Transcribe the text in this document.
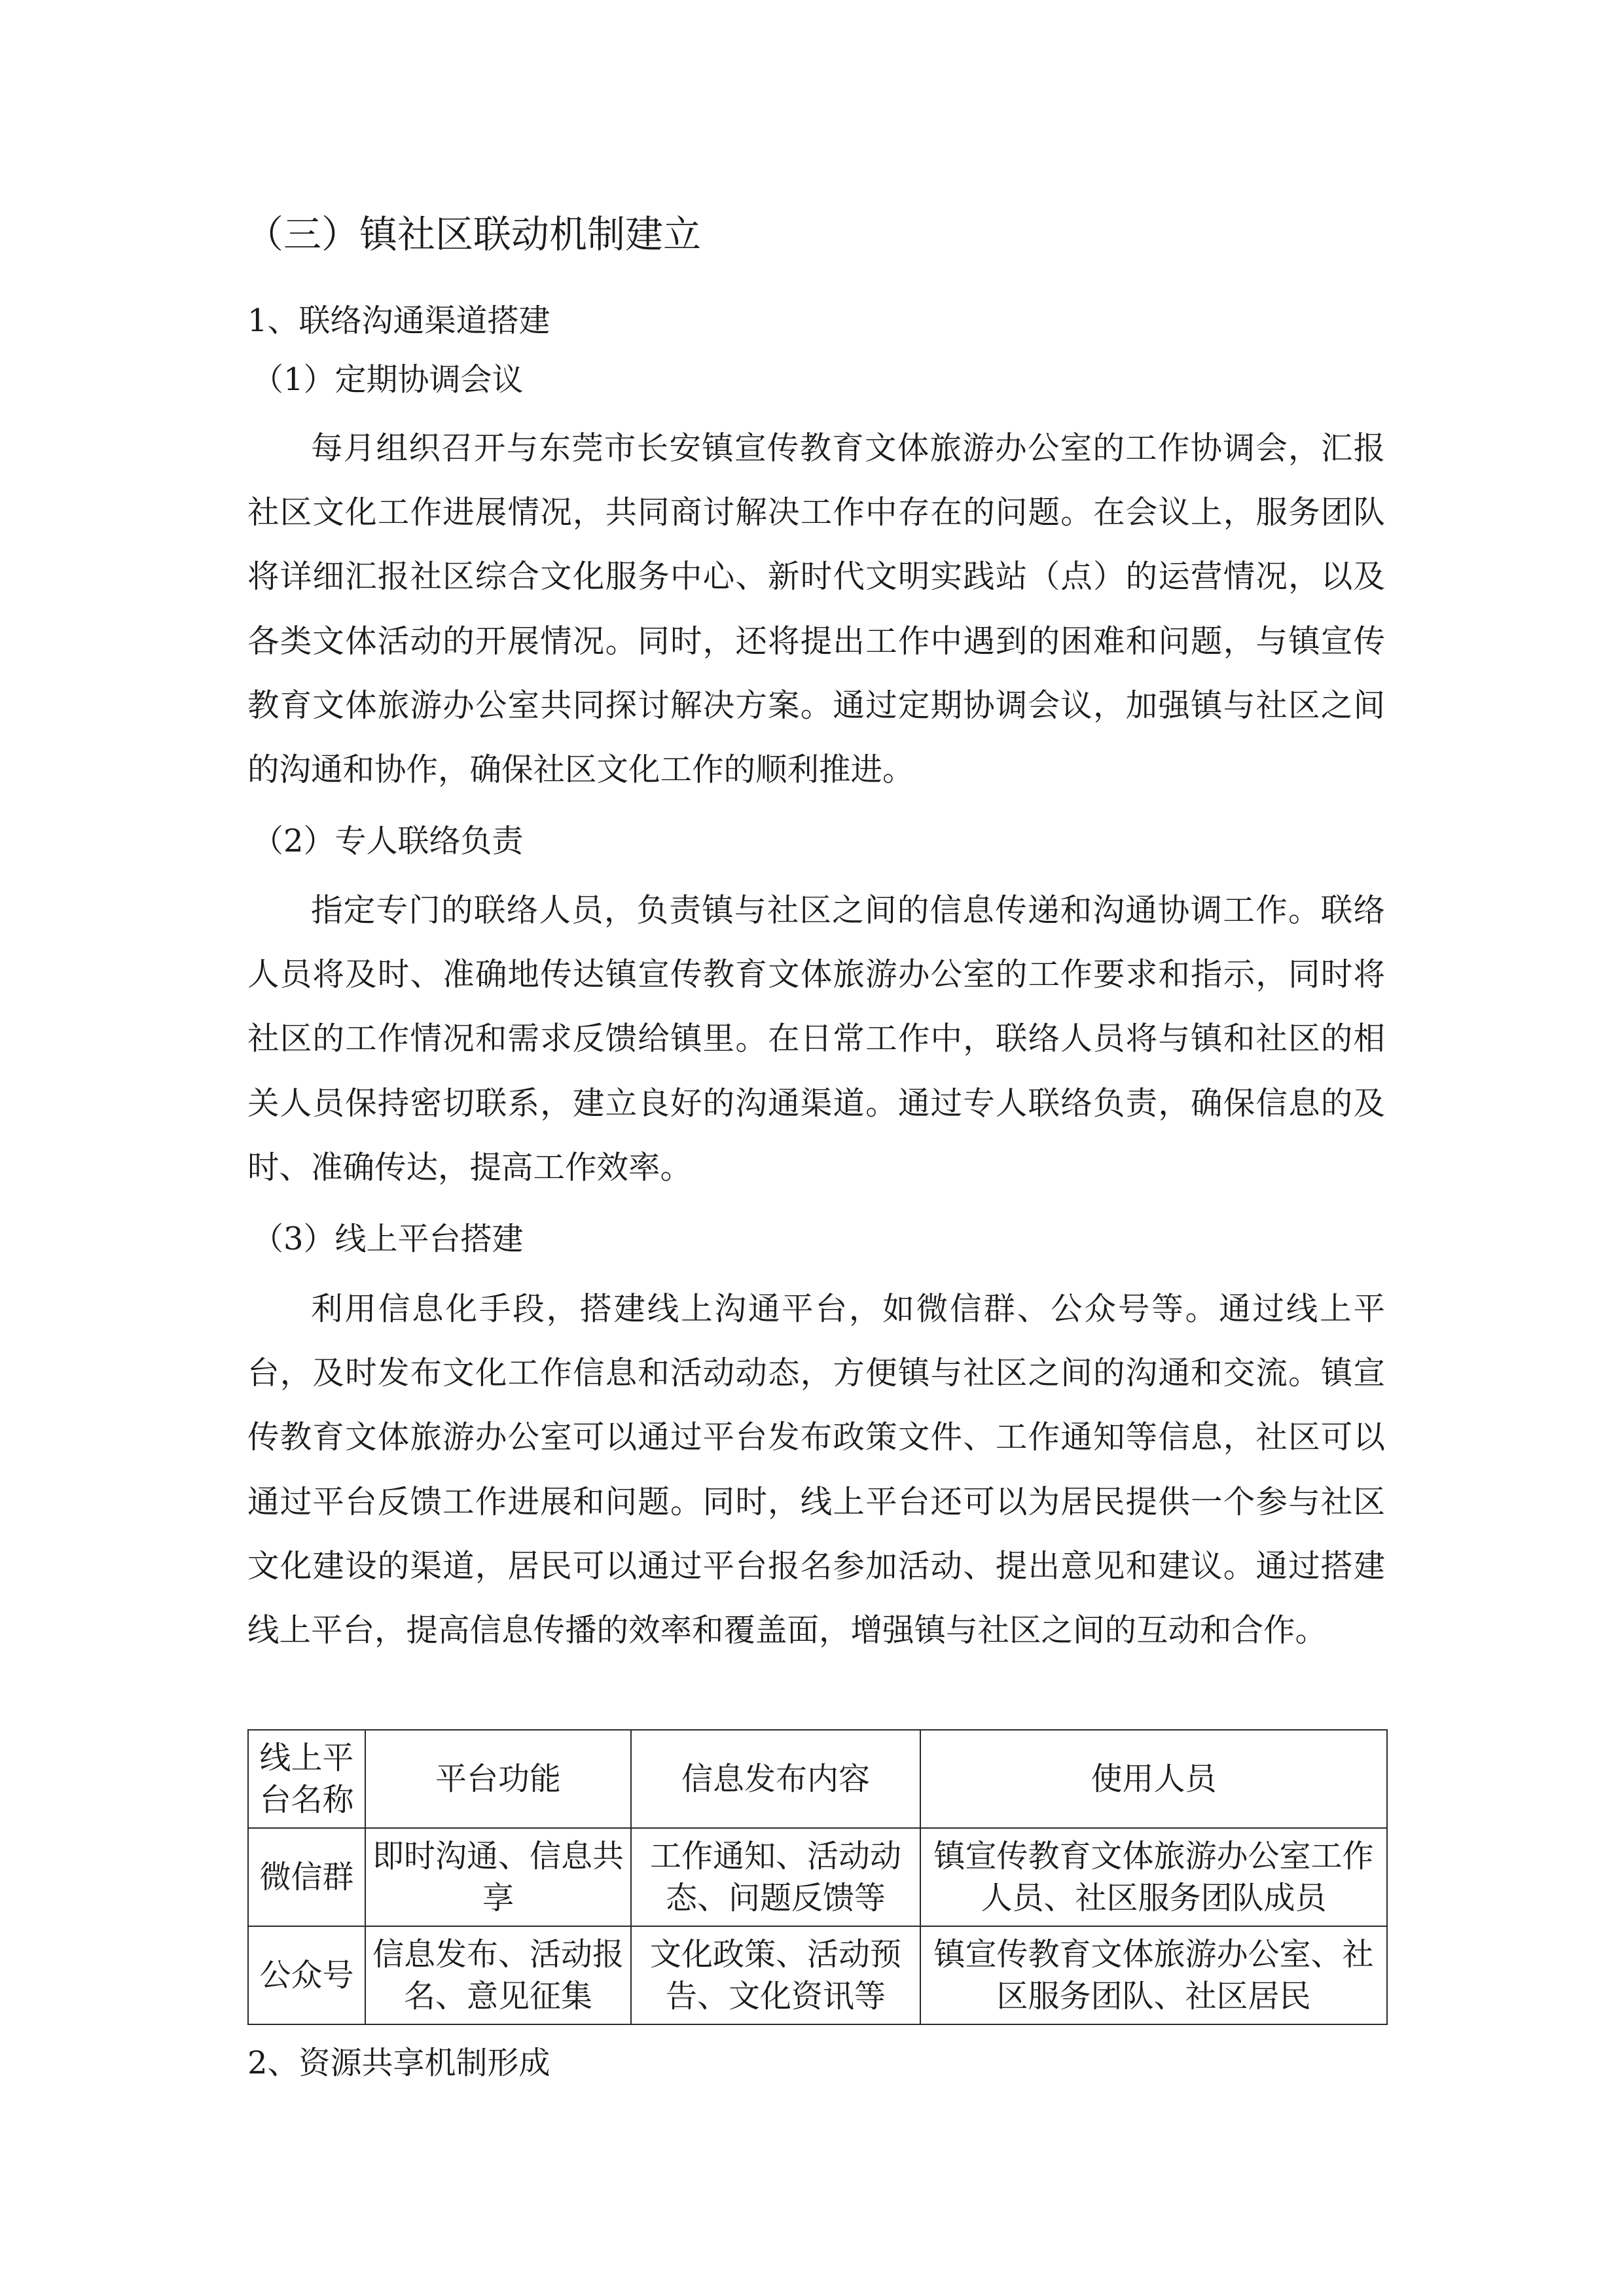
（三）镇社区联动机制建立
1、联络沟通渠道搭建
（1）定期协调会议

每月组织召开与东莞市长安镇宣传教育文体旅游办公室的工作协调会，汇报社区文化工作进展情况，共同商讨解决工作中存在的问题。在会议上，服务团队将详细汇报社区综合文化服务中心、新时代文明实践站（点）的运营情况，以及各类文体活动的开展情况。同时，还将提出工作中遇到的困难和问题，与镇宣传教育文体旅游办公室共同探讨解决方案。通过定期协调会议，加强镇与社区之间的沟通和协作，确保社区文化工作的顺利推进。

（2）专人联络负责

指定专门的联络人员，负责镇与社区之间的信息传递和沟通协调工作。联络人员将及时、准确地传达镇宣传教育文体旅游办公室的工作要求和指示，同时将社区的工作情况和需求反馈给镇里。在日常工作中，联络人员将与镇和社区的相关人员保持密切联系，建立良好的沟通渠道。通过专人联络负责，确保信息的及时、准确传达，提高工作效率。

（3）线上平台搭建

利用信息化手段，搭建线上沟通平台，如微信群、公众号等。通过线上平台，及时发布文化工作信息和活动动态，方便镇与社区之间的沟通和交流。镇宣传教育文体旅游办公室可以通过平台发布政策文件、工作通知等信息，社区可以通过平台反馈工作进展和问题。同时，线上平台还可以为居民提供一个参与社区文化建设的渠道，居民可以通过平台报名参加活动、提出意见和建议。通过搭建线上平台，提高信息传播的效率和覆盖面，增强镇与社区之间的互动和合作。

线上平台名称	平台功能	信息发布内容	使用人员
微信群	即时沟通、信息共享	工作通知、活动动态、问题反馈等	镇宣传教育文体旅游办公室工作人员、社区服务团队成员
公众号	信息发布、活动报名、意见征集	文化政策、活动预告、文化资讯等	镇宣传教育文体旅游办公室、社区服务团队、社区居民
2、资源共享机制形成
